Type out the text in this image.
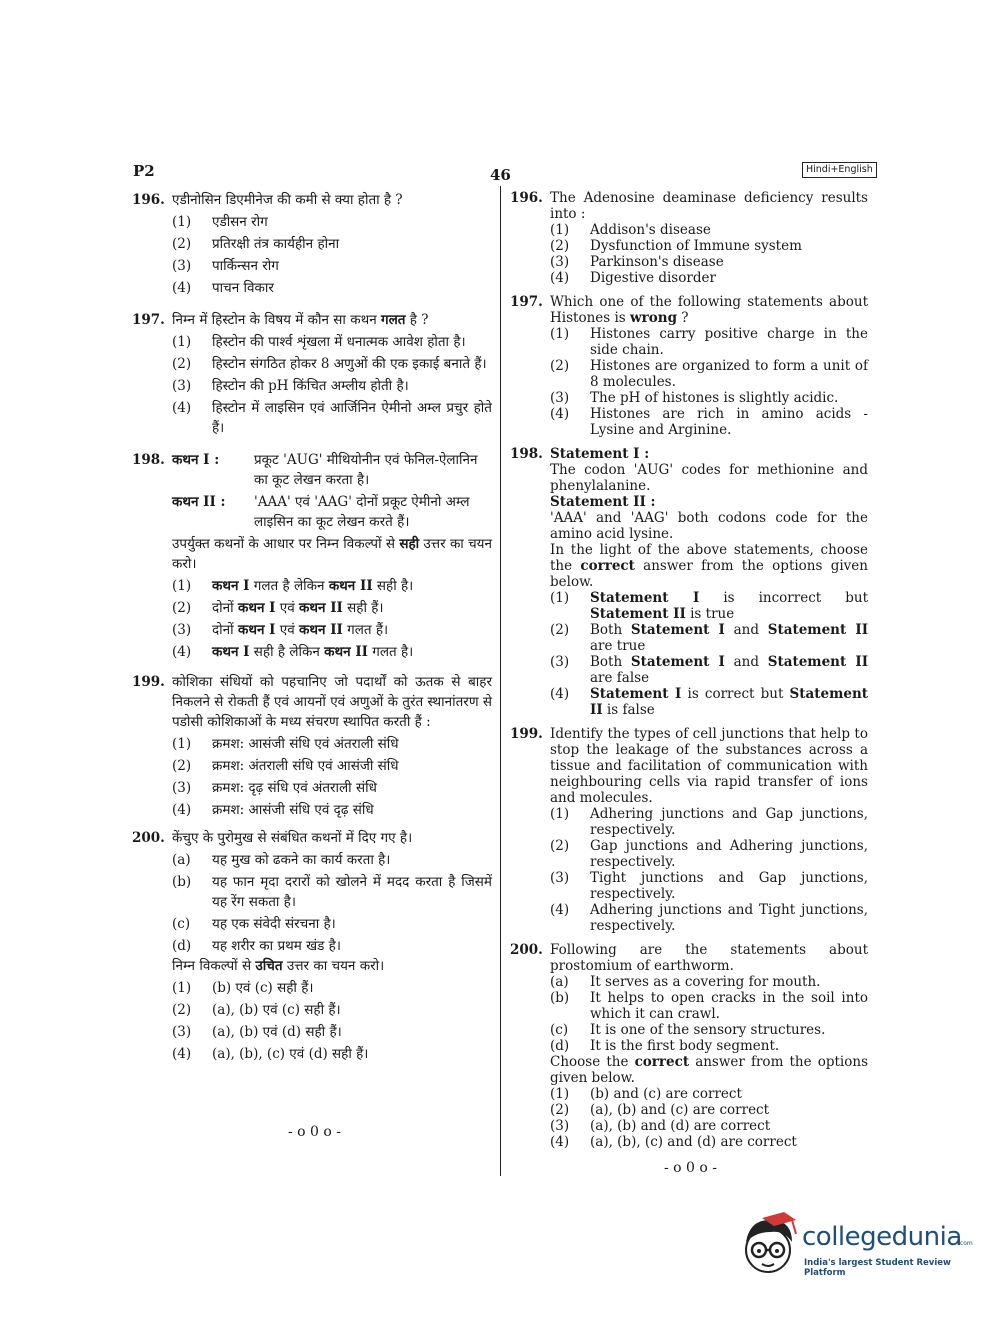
P2	46	Hindi+English
196. एडीनोसिन डिएमीनेज की कमी से क्या होता है ?
(1) एडीसन रोग
(2) प्रतिरक्षी तंत्र कार्यहीन होना
(3) पार्किन्सन रोग
(4) पाचन विकार
197. निम्न में हिस्टोन के विषय में कौन सा कथन गलत है ?
(1) हिस्टोन की पार्श्व शृंखला में धनात्मक आवेश होता है।
(2) हिस्टोन संगठित होकर 8 अणुओं की एक इकाई बनाते हैं।
(3) हिस्टोन की pH किंचित अम्लीय होती है।
(4) हिस्टोन में लाइसिन एवं आर्जिनिन ऐमीनो अम्ल प्रचुर होते हैं।
198. कथन I :	प्रकूट 'AUG' मीथियोनीन एवं फेनिल-ऐलानिन का कूट लेखन करता है।
कथन II : 'AAA' एवं 'AAG' दोनों प्रकूट ऐमीनो अम्ल लाइसिन का कूट लेखन करते हैं।
उपर्युक्त कथनों के आधार पर निम्न विकल्पों से सही उत्तर का चयन करो।
(1) कथन I गलत है लेकिन कथन II सही है।
(2) दोनों कथन I एवं कथन II सही हैं।
(3) दोनों कथन I एवं कथन II गलत हैं।
(4) कथन I सही है लेकिन कथन II गलत है।
199. कोशिका संधियों को पहचानिए जो पदार्थों को ऊतक से बाहर निकलने से रोकती हैं एवं आयनों एवं अणुओं के तुरंत स्थानांतरण से पडोसी कोशिकाओं के मध्य संचरण स्थापित करती हैं :
(1) क्रमश: आसंजी संधि एवं अंतराली संधि
(2) क्रमश: अंतराली संधि एवं आसंजी संधि
(3) क्रमश: दृढ़ संधि एवं अंतराली संधि
(4) क्रमश: आसंजी संधि एवं दृढ़ संधि
200. केंचुए के पुरोमुख से संबंधित कथनों में दिए गए है।
(a) यह मुख को ढकने का कार्य करता है।
(b) यह फान मृदा दरारों को खोलने में मदद करता है जिसमें यह रेंग सकता है।
(c) यह एक संवेदी संरचना है।
(d) यह शरीर का प्रथम खंड है।
निम्न विकल्पों से उचित उत्तर का चयन करो।
(1) (b) एवं (c) सही हैं।
(2) (a), (b) एवं (c) सही हैं।
(3) (a), (b) एवं (d) सही हैं।
(4) (a), (b), (c) एवं (d) सही हैं।
- o 0 o -
196. The Adenosine deaminase deficiency results into :
(1) Addison's disease
(2) Dysfunction of Immune system
(3) Parkinson's disease
(4) Digestive disorder
197. Which one of the following statements about Histones is wrong ?
(1) Histones carry positive charge in the side chain.
(2) Histones are organized to form a unit of 8 molecules.
(3) The pH of histones is slightly acidic.
(4) Histones are rich in amino acids - Lysine and Arginine.
198. Statement I :
The codon 'AUG' codes for methionine and phenylalanine.
Statement II :
'AAA' and 'AAG' both codons code for the amino acid lysine.
In the light of the above statements, choose the correct answer from the options given below.
(1) Statement I is incorrect but Statement II is true
(2) Both Statement I and Statement II are true
(3) Both Statement I and Statement II are false
(4) Statement I is correct but Statement II is false
199. Identify the types of cell junctions that help to stop the leakage of the substances across a tissue and facilitation of communication with neighbouring cells via rapid transfer of ions and molecules.
(1) Adhering junctions and Gap junctions, respectively.
(2) Gap junctions and Adhering junctions, respectively.
(3) Tight junctions and Gap junctions, respectively.
(4) Adhering junctions and Tight junctions, respectively.
200. Following are the statements about prostomium of earthworm.
(a) It serves as a covering for mouth.
(b) It helps to open cracks in the soil into which it can crawl.
(c) It is one of the sensory structures.
(d) It is the first body segment.
Choose the correct answer from the options given below.
(1) (b) and (c) are correct
(2) (a), (b) and (c) are correct
(3) (a), (b) and (d) are correct
(4) (a), (b), (c) and (d) are correct
- o 0 o -
collegedunia
.com
India's largest Student Review Platform
